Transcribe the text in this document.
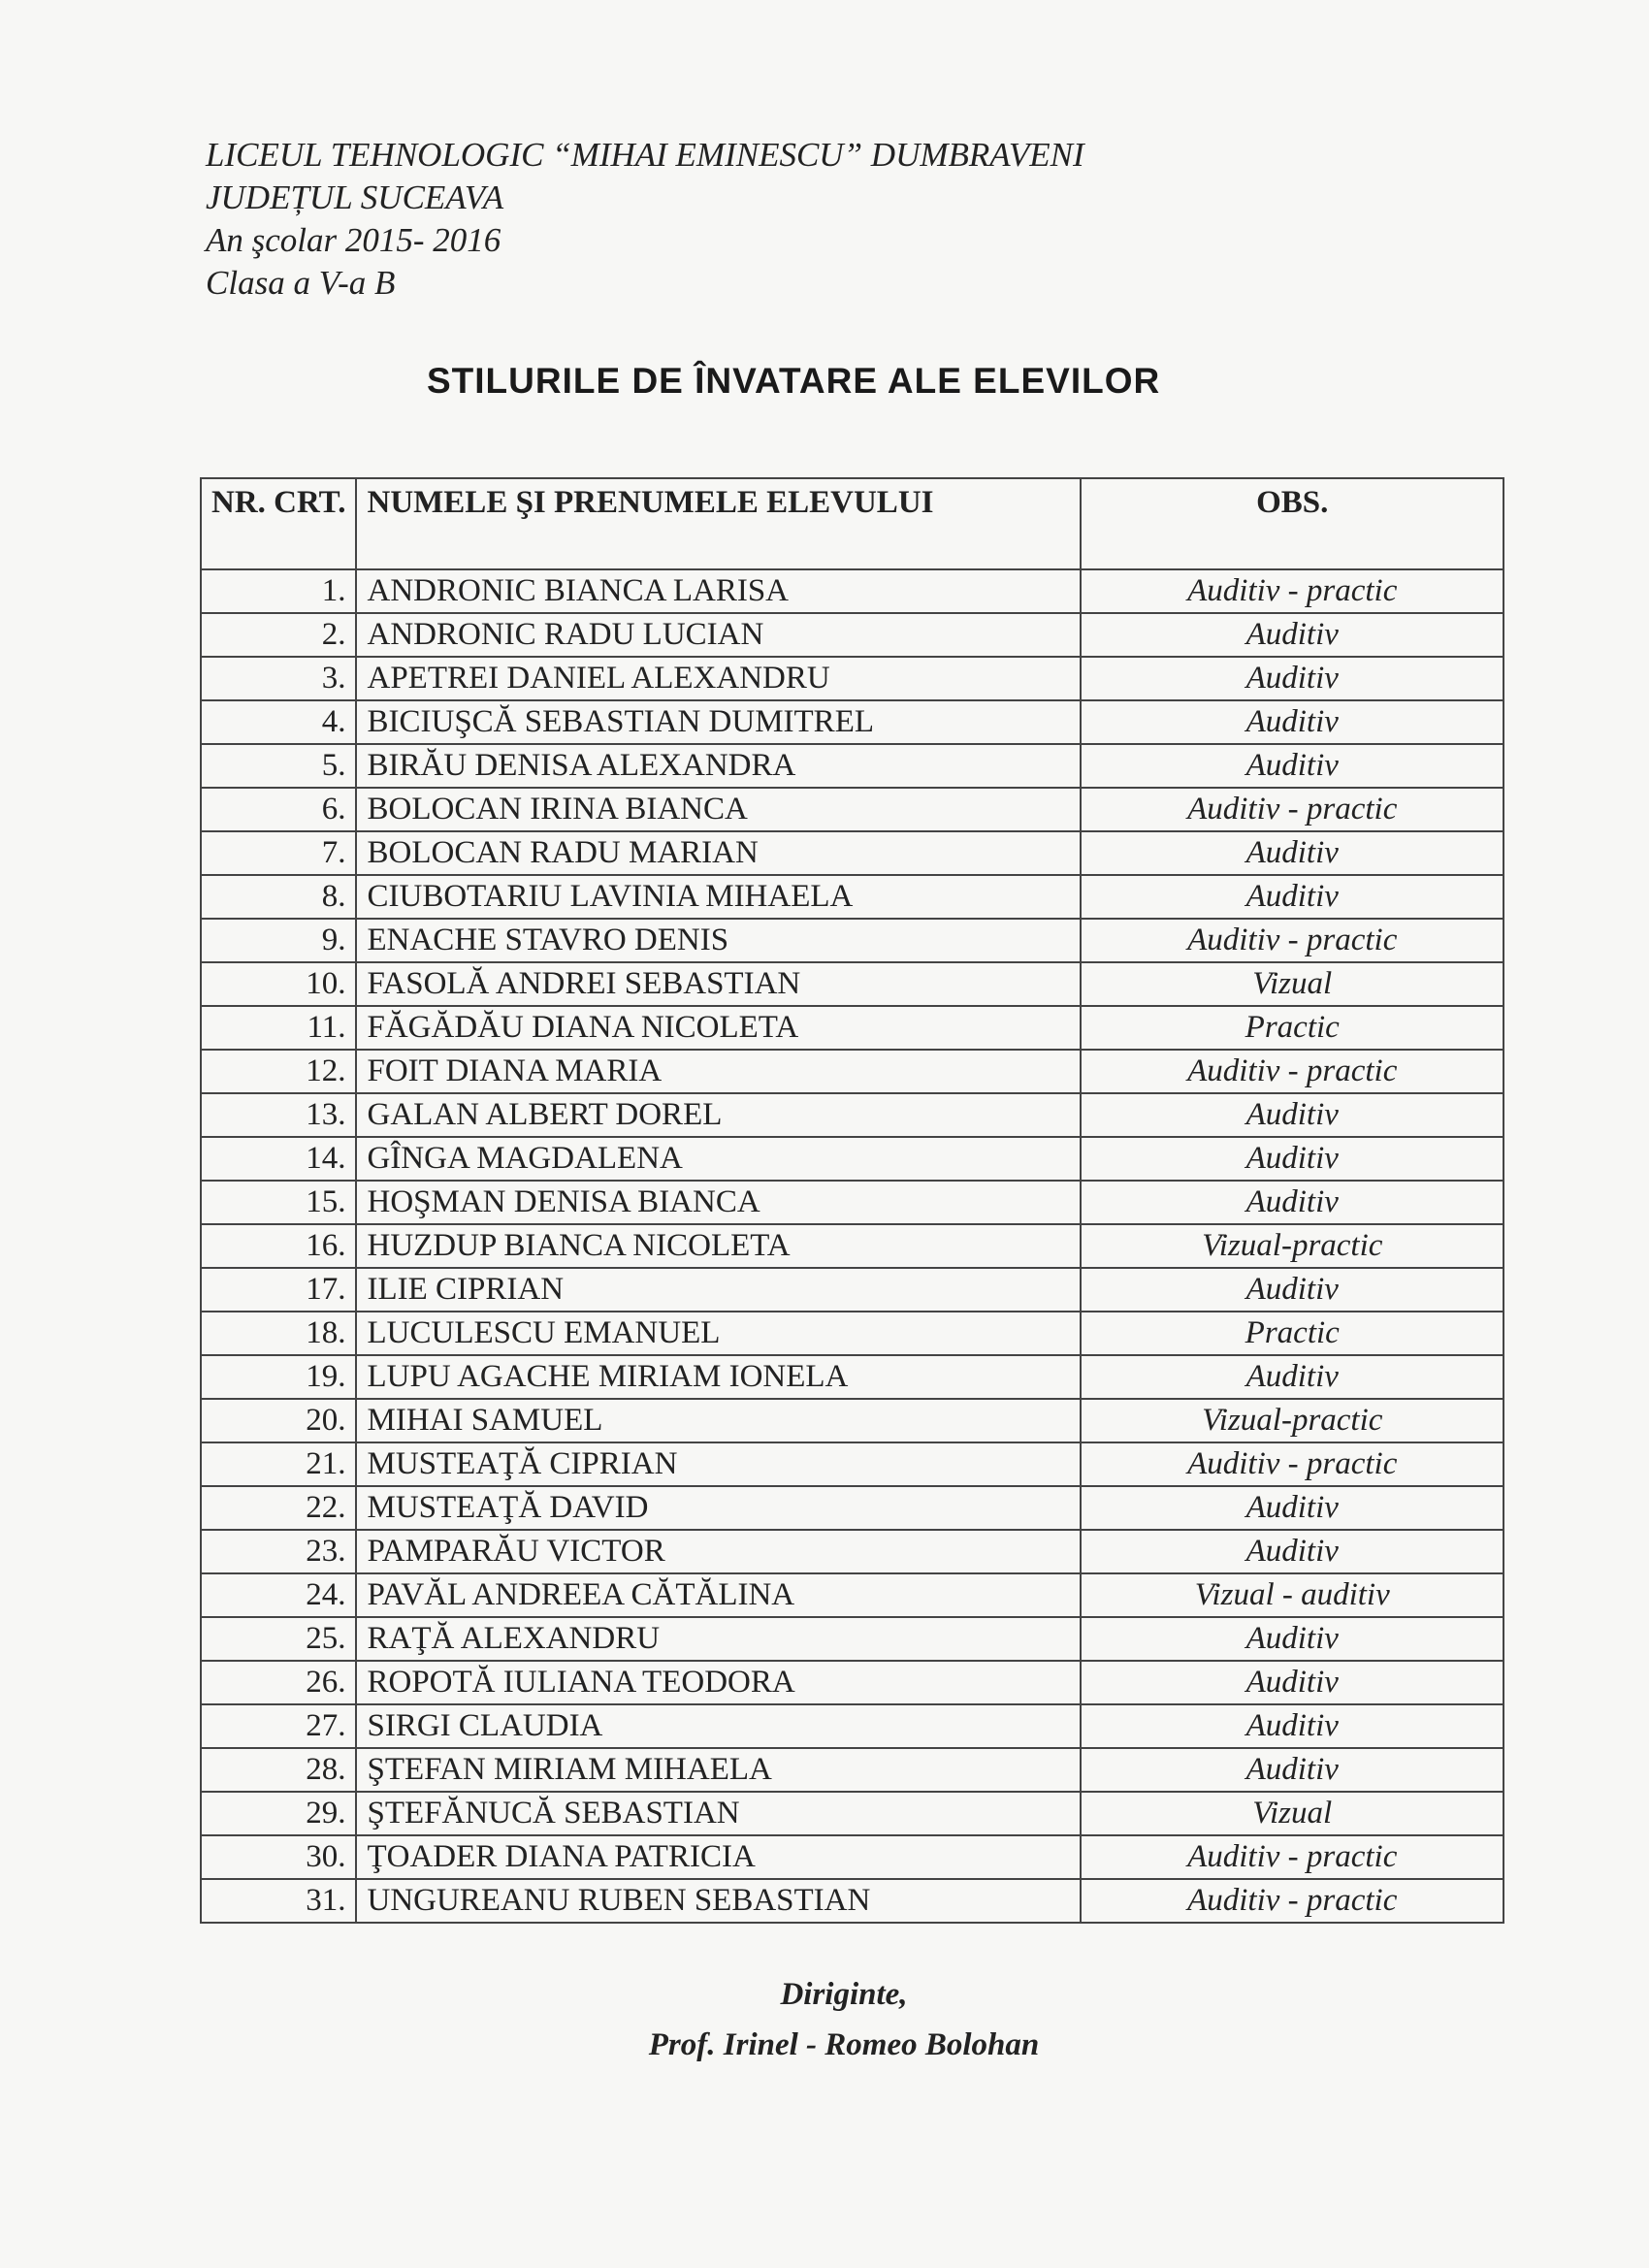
LICEUL TEHNOLOGIC “MIHAI EMINESCU” DUMBRAVENI
JUDEȚUL SUCEAVA
An şcolar 2015- 2016
Clasa a V-a B
STILURILE DE ÎNVATARE ALE ELEVILOR
NR. CRT.	NUMELE ŞI PRENUMELE ELEVULUI	OBS.
1.	ANDRONIC BIANCA LARISA	Auditiv - practic
2.	ANDRONIC RADU LUCIAN	Auditiv
3.	APETREI DANIEL ALEXANDRU	Auditiv
4.	BICIUŞCĂ SEBASTIAN DUMITREL	Auditiv
5.	BIRĂU DENISA ALEXANDRA	Auditiv
6.	BOLOCAN IRINA BIANCA	Auditiv - practic
7.	BOLOCAN RADU MARIAN	Auditiv
8.	CIUBOTARIU LAVINIA MIHAELA	Auditiv
9.	ENACHE STAVRO DENIS	Auditiv - practic
10.	FASOLĂ ANDREI SEBASTIAN	Vizual
11.	FĂGĂDĂU DIANA NICOLETA	Practic
12.	FOIT DIANA MARIA	Auditiv - practic
13.	GALAN ALBERT DOREL	Auditiv
14.	GÎNGA MAGDALENA	Auditiv
15.	HOŞMAN DENISA BIANCA	Auditiv
16.	HUZDUP BIANCA NICOLETA	Vizual-practic
17.	ILIE CIPRIAN	Auditiv
18.	LUCULESCU EMANUEL	Practic
19.	LUPU AGACHE MIRIAM IONELA	Auditiv
20.	MIHAI SAMUEL	Vizual-practic
21.	MUSTEAŢĂ CIPRIAN	Auditiv - practic
22.	MUSTEAŢĂ DAVID	Auditiv
23.	PAMPARĂU VICTOR	Auditiv
24.	PAVĂL ANDREEA CĂTĂLINA	Vizual - auditiv
25.	RAŢĂ ALEXANDRU	Auditiv
26.	ROPOTĂ IULIANA TEODORA	Auditiv
27.	SIRGI CLAUDIA	Auditiv
28.	ŞTEFAN MIRIAM MIHAELA	Auditiv
29.	ŞTEFĂNUCĂ SEBASTIAN	Vizual
30.	ŢOADER DIANA PATRICIA	Auditiv - practic
31.	UNGUREANU RUBEN SEBASTIAN	Auditiv - practic
Diriginte,
Prof. Irinel - Romeo Bolohan
